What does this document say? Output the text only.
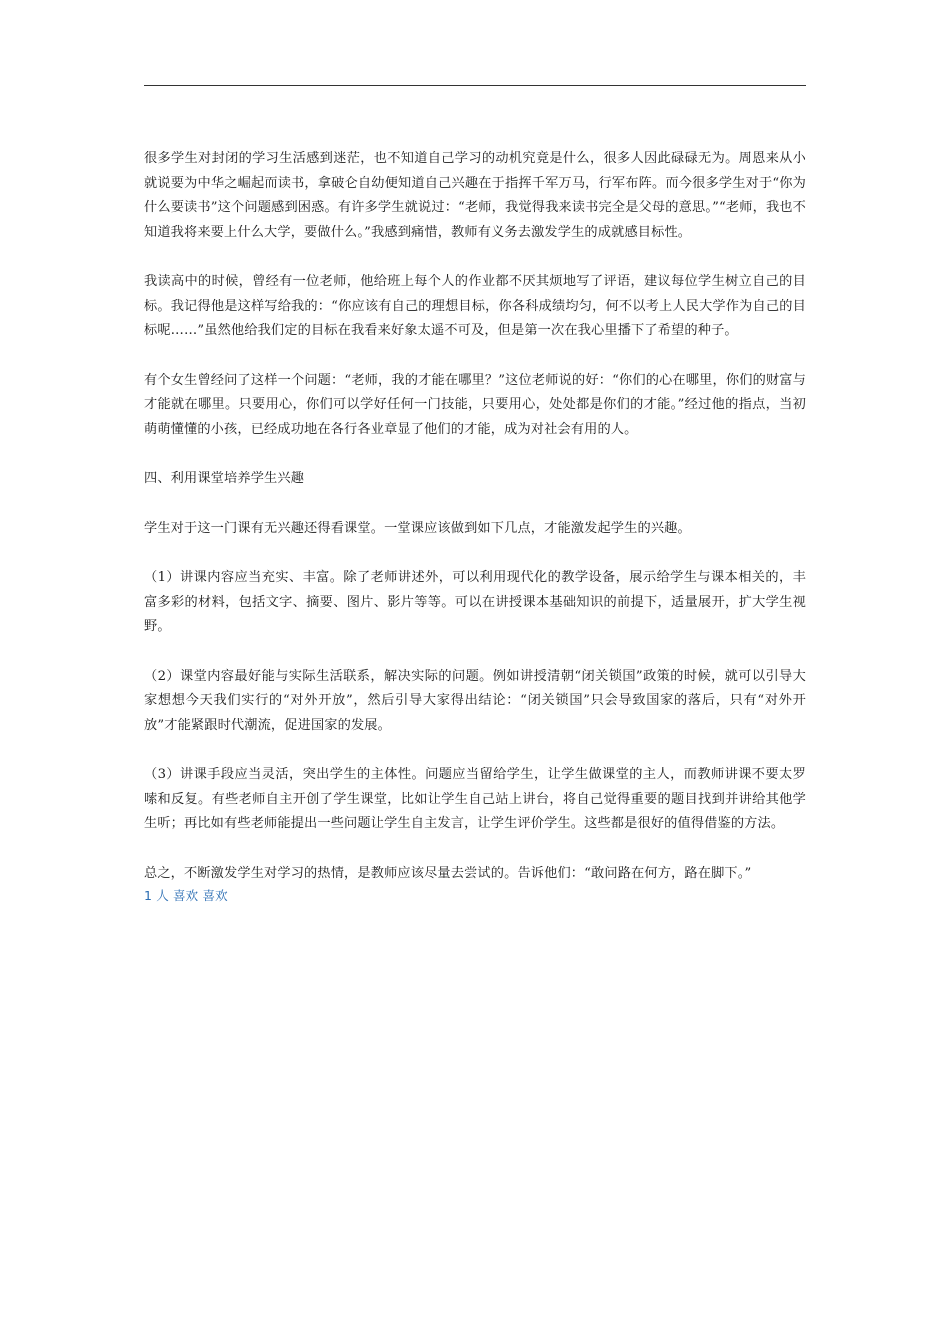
很多学生对封闭的学习生活感到迷茫，也不知道自己学习的动机究竟是什么，很多人因此碌碌无为。周恩来从小就说要为中华之崛起而读书，拿破仑自幼便知道自己兴趣在于指挥千军万马，行军布阵。而今很多学生对于“你为什么要读书”这个问题感到困惑。有许多学生就说过：“老师，我觉得我来读书完全是父母的意思。”“老师，我也不知道我将来要上什么大学，要做什么。”我感到痛惜，教师有义务去激发学生的成就感目标性。

我读高中的时候，曾经有一位老师，他给班上每个人的作业都不厌其烦地写了评语，建议每位学生树立自己的目标。我记得他是这样写给我的：“你应该有自己的理想目标，你各科成绩均匀，何不以考上人民大学作为自己的目标呢……”虽然他给我们定的目标在我看来好象太遥不可及，但是第一次在我心里播下了希望的种子。

有个女生曾经问了这样一个问题：“老师，我的才能在哪里？”这位老师说的好：“你们的心在哪里，你们的财富与才能就在哪里。只要用心，你们可以学好任何一门技能，只要用心，处处都是你们的才能。”经过他的指点，当初萌萌懂懂的小孩，已经成功地在各行各业章显了他们的才能，成为对社会有用的人。

四、利用课堂培养学生兴趣

学生对于这一门课有无兴趣还得看课堂。一堂课应该做到如下几点，才能激发起学生的兴趣。

（1）讲课内容应当充实、丰富。除了老师讲述外，可以利用现代化的教学设备，展示给学生与课本相关的，丰富多彩的材料，包括文字、摘要、图片、影片等等。可以在讲授课本基础知识的前提下，适量展开，扩大学生视野。

（2）课堂内容最好能与实际生活联系，解决实际的问题。例如讲授清朝“闭关锁国”政策的时候，就可以引导大家想想今天我们实行的“对外开放”，然后引导大家得出结论：“闭关锁国”只会导致国家的落后，只有“对外开放”才能紧跟时代潮流，促进国家的发展。

（3）讲课手段应当灵活，突出学生的主体性。问题应当留给学生，让学生做课堂的主人，而教师讲课不要太罗嗦和反复。有些老师自主开创了学生课堂，比如让学生自己站上讲台，将自己觉得重要的题目找到并讲给其他学生听；再比如有些老师能提出一些问题让学生自主发言，让学生评价学生。这些都是很好的值得借鉴的方法。

总之，不断激发学生对学习的热情，是教师应该尽量去尝试的。告诉他们：“敢问路在何方，路在脚下。”

1 人 喜欢 喜欢
